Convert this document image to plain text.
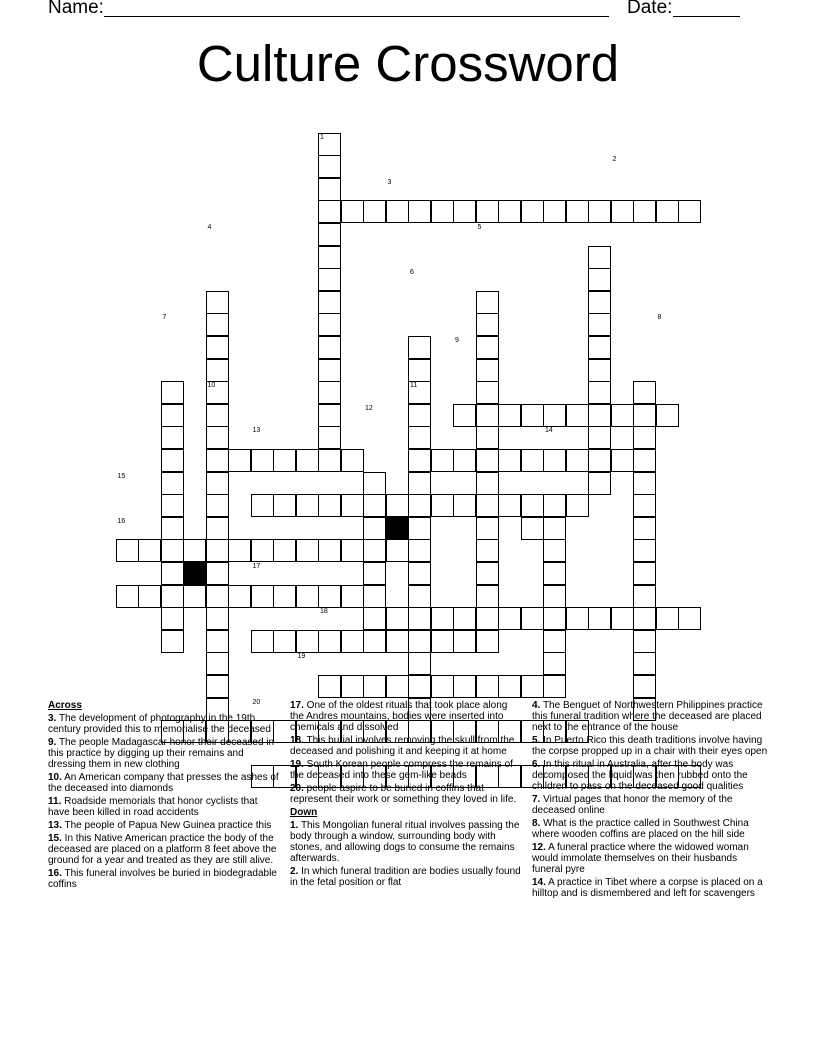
Name:	Date:
Culture Crossword
1
2
3
4	5
6
7	8
9
10	11
12
13	14
15
16
17
18
19
20

Across

3. The development of photography in the 19th century provided this to memorialise the deceased

9. The people Madagascar honor their deceased in this practice by digging up their remains and dressing them in new clothing

10. An American company that presses the ashes of the deceased into diamonds

11. Roadside memorials that honor cyclists that have been killed in road accidents

13. The people of Papua New Guinea practice this

15. In this Native American practice the body of the deceased are placed on a platform 8 feet above the ground for a year and treated as they are still alive.

16. This funeral involves be buried in biodegradable coffins

17. One of the oldest rituals that took place along the Andres mountains, bodies were inserted into chemicals and dissolved

18. This burial involves removing the skull from the deceased and polishing it and keeping it at home

19. South Korean people compress the remains of the deceased into these gem-like beads

20. people aspire to be buried in coffins that represent their work or something they loved in life.

Down

1. This Mongolian funeral ritual involves passing the body through a window, surrounding body with stones, and allowing dogs to consume the remains afterwards.

2. In which funeral tradition are bodies usually found in the fetal position or flat

4. The Benguet of Northwestern Philippines practice this funeral tradition where the deceased are placed next to the entrance of the house

5. In Puerto Rico this death traditions involve having the corpse propped up in a chair with their eyes open

6. In this ritual in Australia, after the body was decomposed the liquid was then rubbed onto the children to pass on the deceased good qualities

7. Virtual pages that honor the memory of the deceased online

8. What is the practice called in Southwest China where wooden coffins are placed on the hill side

12. A funeral practice where the widowed woman would immolate themselves on their husbands funeral pyre

14. A practice in Tibet where a corpse is placed on a hilltop and is dismembered and left for scavengers
